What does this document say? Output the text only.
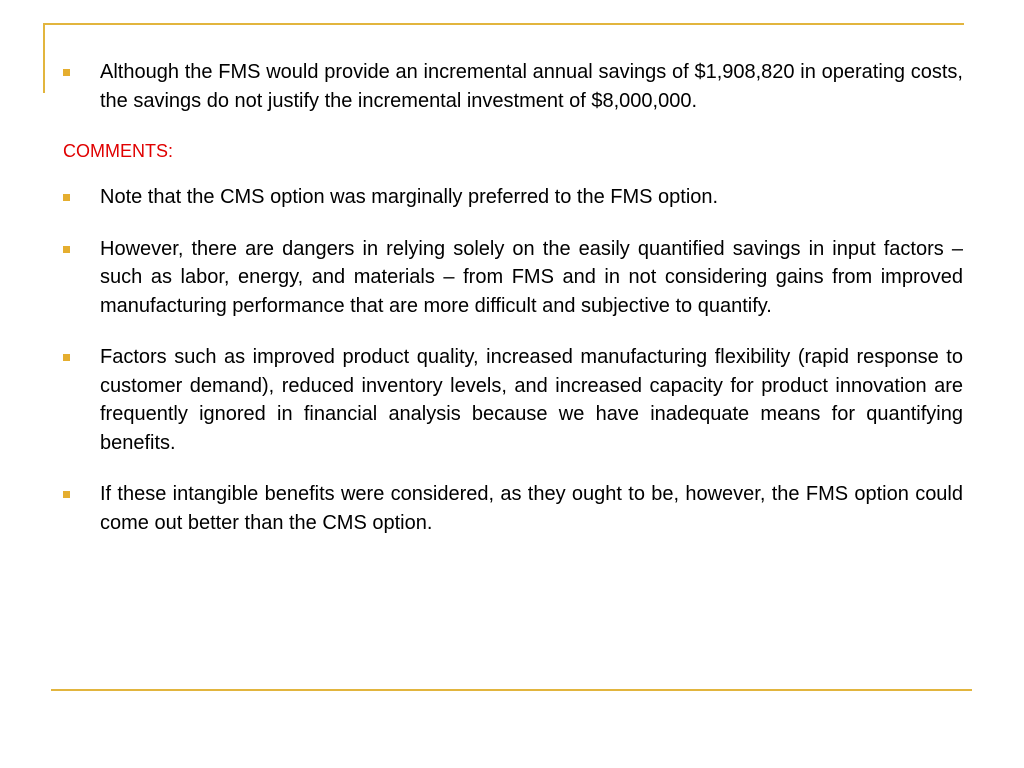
Although the FMS would provide an incremental annual savings of $1,908,820 in operating costs, the savings do not justify the incremental investment of $8,000,000.
COMMENTS:
Note that the CMS option was marginally preferred to the FMS option.
However, there are dangers in relying solely on the easily quantified savings in input factors – such as labor, energy, and materials – from FMS and in not considering gains from improved manufacturing performance that are more difficult and subjective to quantify.
Factors such as improved product quality, increased manufacturing flexibility (rapid response to customer demand), reduced inventory levels, and increased capacity for product innovation are frequently ignored in financial analysis because we have inadequate means for quantifying benefits.
If these intangible benefits were considered, as they ought to be, however, the FMS option could come out better than the CMS option.
